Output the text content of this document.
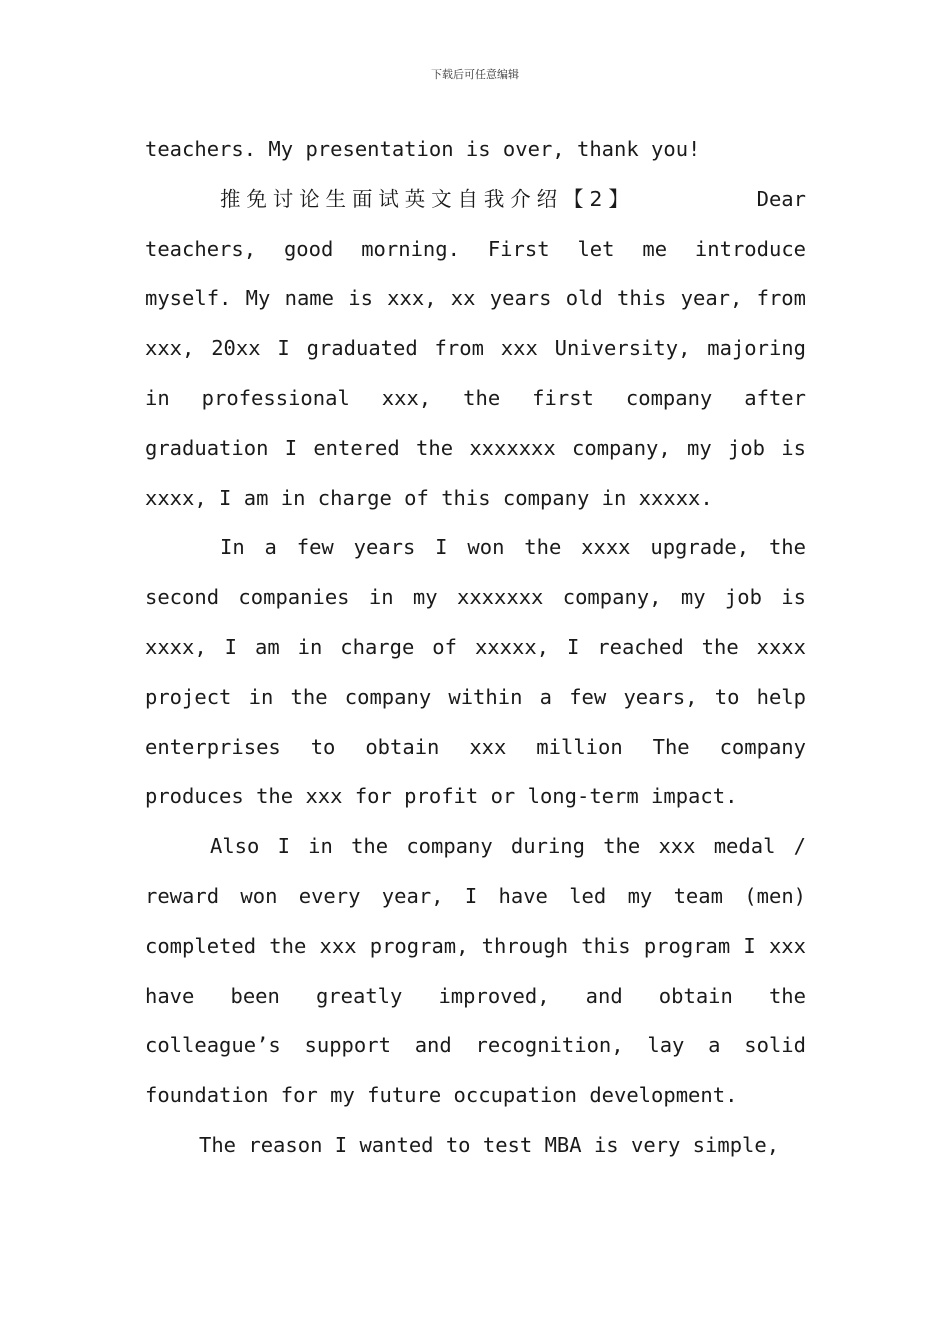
下载后可任意编辑

teachers. My presentation is over, thank you!

推免讨论生面试英文自我介绍【2】	Dear teachers, good morning. First let me introduce myself. My name is xxx, xx years old this year, from xxx, 20xx I graduated from xxx University, majoring in professional xxx, the first company after graduation I entered the xxxxxxx company, my job is xxxx, I am in charge of this company in xxxxx.

In a few years I won the xxxx upgrade, the second companies in my xxxxxxx company, my job is xxxx, I am in charge of xxxxx, I reached the xxxx project in the company within a few years, to help enterprises to obtain xxx million The company produces the xxx for profit or long-term impact.

Also I in the company during the xxx medal / reward won every year, I have led my team (men) completed the xxx program, through this program I xxx have been greatly improved, and obtain the colleague’s support and recognition, lay a solid foundation for my future occupation development.

The reason I wanted to test MBA is very simple,
